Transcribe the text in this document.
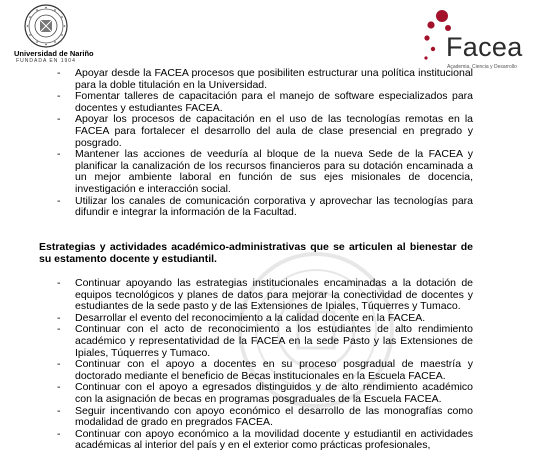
Universidad de Nariño
FUNDADA EN 1904	Facea
Academia, Ciencia y Desarrollo
- Apoyar desde la FACEA procesos que posibiliten estructurar una política institucional para la doble titulación en la Universidad.
- Fomentar talleres de capacitación para el manejo de software especializados para docentes y estudiantes FACEA.
- Apoyar los procesos de capacitación en el uso de las tecnologías remotas en la FACEA para fortalecer el desarrollo del aula de clase presencial en pregrado y posgrado.
- Mantener las acciones de veeduría al bloque de la nueva Sede de la FACEA y planificar la canalización de los recursos financieros para su dotación encaminada a un mejor ambiente laboral en función de sus ejes misionales de docencia, investigación e interacción social.
- Utilizar los canales de comunicación corporativa y aprovechar las tecnologías para difundir e integrar la información de la Facultad.
Estrategias y actividades académico-administrativas que se articulen al bienestar de su estamento docente y estudiantil.
- Continuar apoyando las estrategias institucionales encaminadas a la dotación de equipos tecnológicos y planes de datos para mejorar la conectividad de docentes y estudiantes de la sede pasto y de las Extensiones de Ipiales, Túquerres y Tumaco.
- Desarrollar el evento del reconocimiento a la calidad docente en la FACEA.
- Continuar con el acto de reconocimiento a los estudiantes de alto rendimiento académico y representatividad de la FACEA en la sede Pasto y las Extensiones de Ipiales, Túquerres y Tumaco.
- Continuar con el apoyo a docentes en su proceso posgradual de maestría y doctorado mediante el beneficio de Becas institucionales en la Escuela FACEA.
- Continuar con el apoyo a egresados distinguidos y de alto rendimiento académico con la asignación de becas en programas posgraduales de la Escuela FACEA.
- Seguir incentivando con apoyo económico el desarrollo de las monografías como modalidad de grado en pregrados FACEA.
- Continuar con apoyo económico a la movilidad docente y estudiantil en actividades académicas al interior del país y en el exterior como prácticas profesionales,
